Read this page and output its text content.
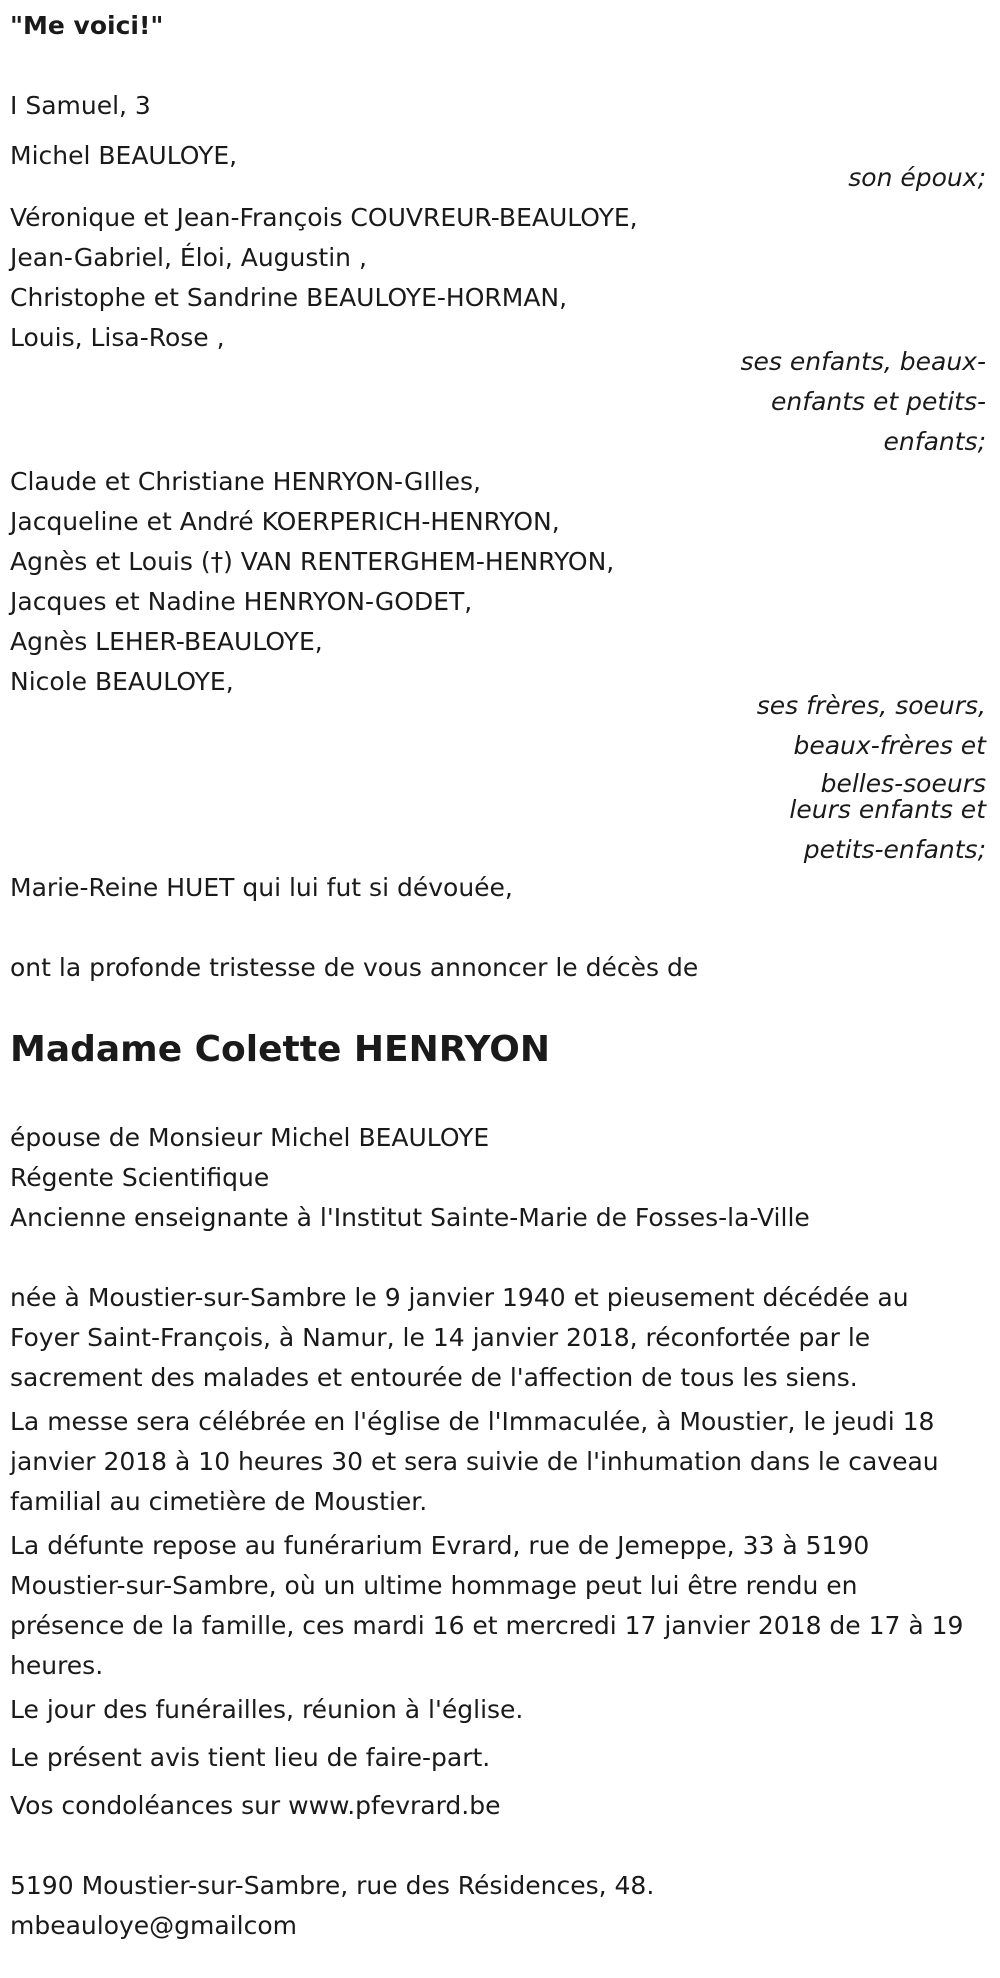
"Me voici!"
I Samuel, 3
Michel BEAULOYE,
son époux;
Véronique et Jean-François COUVREUR-BEAULOYE,
Jean-Gabriel, Éloi, Augustin ,
Christophe et Sandrine BEAULOYE-HORMAN,
Louis, Lisa-Rose ,
ses enfants, beaux-
enfants et petits-
enfants;
Claude et Christiane HENRYON-GIlles,
Jacqueline et André KOERPERICH-HENRYON,
Agnès et Louis (†) VAN RENTERGHEM-HENRYON,
Jacques et Nadine HENRYON-GODET,
Agnès LEHER-BEAULOYE,
Nicole BEAULOYE,
ses frères, soeurs,
beaux-frères et
belles-soeurs
leurs enfants et
petits-enfants;
Marie-Reine HUET qui lui fut si dévouée,
ont la profonde tristesse de vous annoncer le décès de
Madame Colette HENRYON
épouse de Monsieur Michel BEAULOYE
Régente Scientifique
Ancienne enseignante à l'Institut Sainte-Marie de Fosses-la-Ville
née à Moustier-sur-Sambre le 9 janvier 1940 et pieusement décédée au
Foyer Saint-François, à Namur, le 14 janvier 2018, réconfortée par le
sacrement des malades et entourée de l'affection de tous les siens.
La messe sera célébrée en l'église de l'Immaculée, à Moustier, le jeudi 18
janvier 2018 à 10 heures 30 et sera suivie de l'inhumation dans le caveau
familial au cimetière de Moustier.
La défunte repose au funérarium Evrard, rue de Jemeppe, 33 à 5190
Moustier-sur-Sambre, où un ultime hommage peut lui être rendu en
présence de la famille, ces mardi 16 et mercredi 17 janvier 2018 de 17 à 19
heures.
Le jour des funérailles, réunion à l'église.
Le présent avis tient lieu de faire-part.
Vos condoléances sur www.pfevrard.be
5190 Moustier-sur-Sambre, rue des Résidences, 48.
mbeauloye@gmailcom
